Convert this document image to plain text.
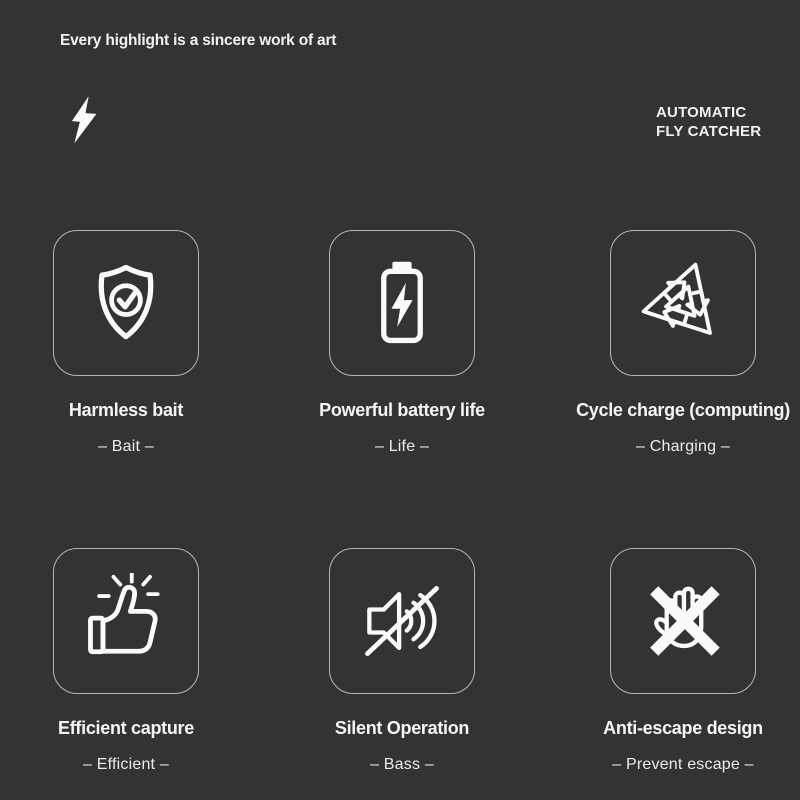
Every highlight is a sincere work of art
AUTOMATIC
FLY CATCHER
Harmless bait
– Bait –
Powerful battery life
– Life –
Cycle charge (computing)
– Charging –
Efficient capture
– Efficient –
Silent Operation
– Bass –
Anti-escape design
– Prevent escape –
